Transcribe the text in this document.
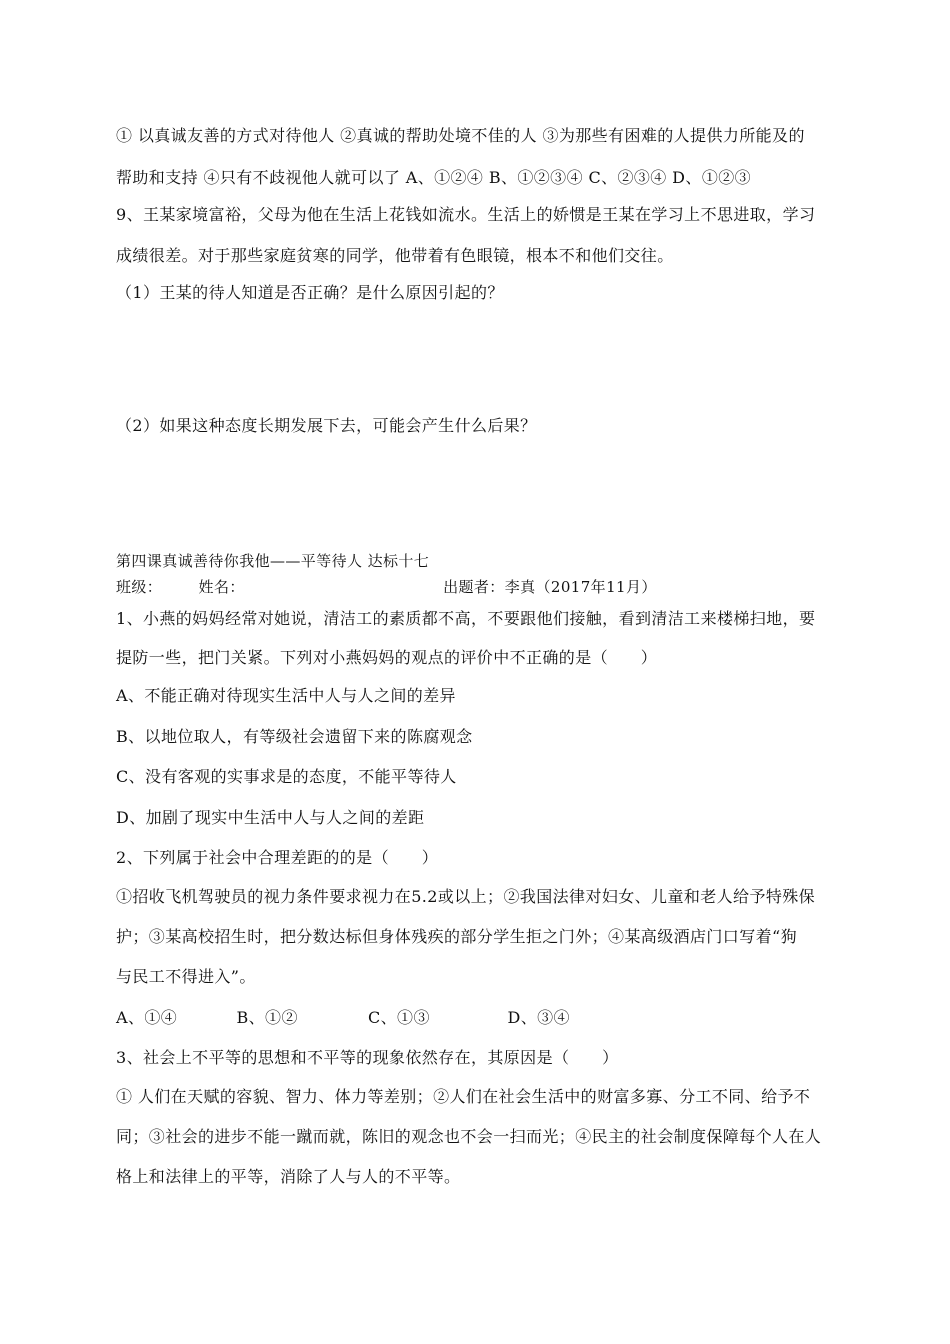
① 以真诚友善的方式对待他人 ②真诚的帮助处境不佳的人 ③为那些有困难的人提供力所能及的
帮助和支持 ④只有不歧视他人就可以了 A、①②④ B、①②③④ C、②③④ D、①②③
9、王某家境富裕，父母为他在生活上花钱如流水。生活上的娇惯是王某在学习上不思进取，学习
成绩很差。对于那些家庭贫寒的同学，他带着有色眼镜，根本不和他们交往。
（1）王某的待人知道是否正确？是什么原因引起的？
（2）如果这种态度长期发展下去，可能会产生什么后果？
第四课真诚善待你我他——平等待人 达标十七
班级： 姓名：	出题者：李真（2017年11月）
1、小燕的妈妈经常对她说，清洁工的素质都不高，不要跟他们接触，看到清洁工来楼梯扫地，要
提防一些，把门关紧。下列对小燕妈妈的观点的评价中不正确的是（　　）
A、不能正确对待现实生活中人与人之间的差异
B、以地位取人，有等级社会遗留下来的陈腐观念
C、没有客观的实事求是的态度，不能平等待人
D、加剧了现实中生活中人与人之间的差距
2、下列属于社会中合理差距的的是（　　）
①招收飞机驾驶员的视力条件要求视力在5.2或以上；②我国法律对妇女、儿童和老人给予特殊保
护；③某高校招生时，把分数达标但身体残疾的部分学生拒之门外；④某高级酒店门口写着“狗
与民工不得进入”。
A、①④	B、①②	C、①③	D、③④
3、社会上不平等的思想和不平等的现象依然存在，其原因是（　　）
① 人们在天赋的容貌、智力、体力等差别；②人们在社会生活中的财富多寡、分工不同、给予不
同；③社会的进步不能一蹴而就，陈旧的观念也不会一扫而光；④民主的社会制度保障每个人在人
格上和法律上的平等，消除了人与人的不平等。
